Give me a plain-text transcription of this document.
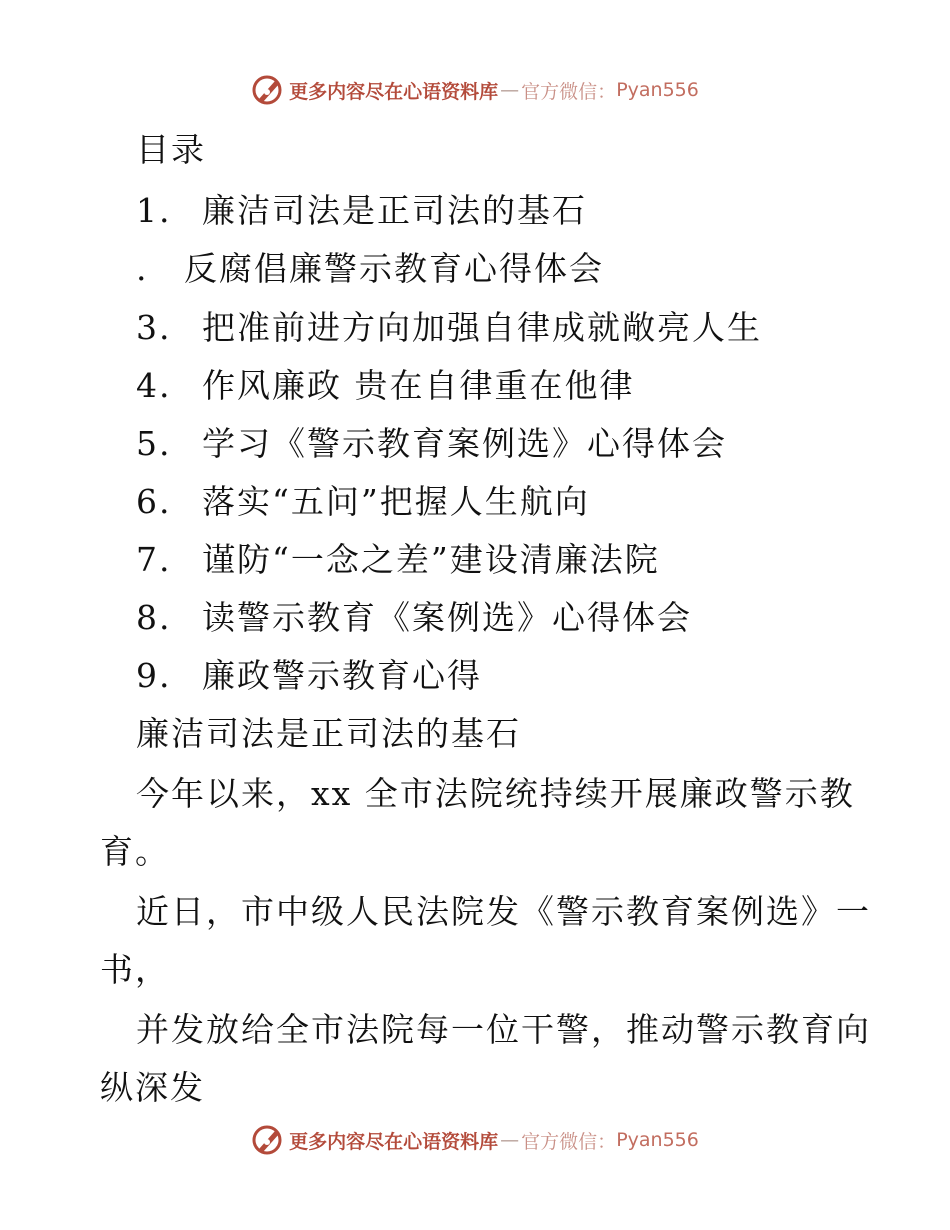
更多内容尽在心语资料库 — 官方微信： Pyan556
目录
1. 廉洁司法是正司法的基石
. 反腐倡廉警示教育心得体会
3. 把准前进方向加强自律成就敞亮人生
4. 作风廉政 贵在自律重在他律
5. 学习《警示教育案例选》心得体会
6. 落实“五问”把握人生航向
7. 谨防“一念之差”建设清廉法院
8. 读警示教育《案例选》心得体会
9. 廉政警示教育心得
廉洁司法是正司法的基石
今年以来，xx 全市法院统持续开展廉政警示教
育。
近日，市中级人民法院发《警示教育案例选》一
书，
并发放给全市法院每一位干警，推动警示教育向
纵深发
更多内容尽在心语资料库 — 官方微信： Pyan556
